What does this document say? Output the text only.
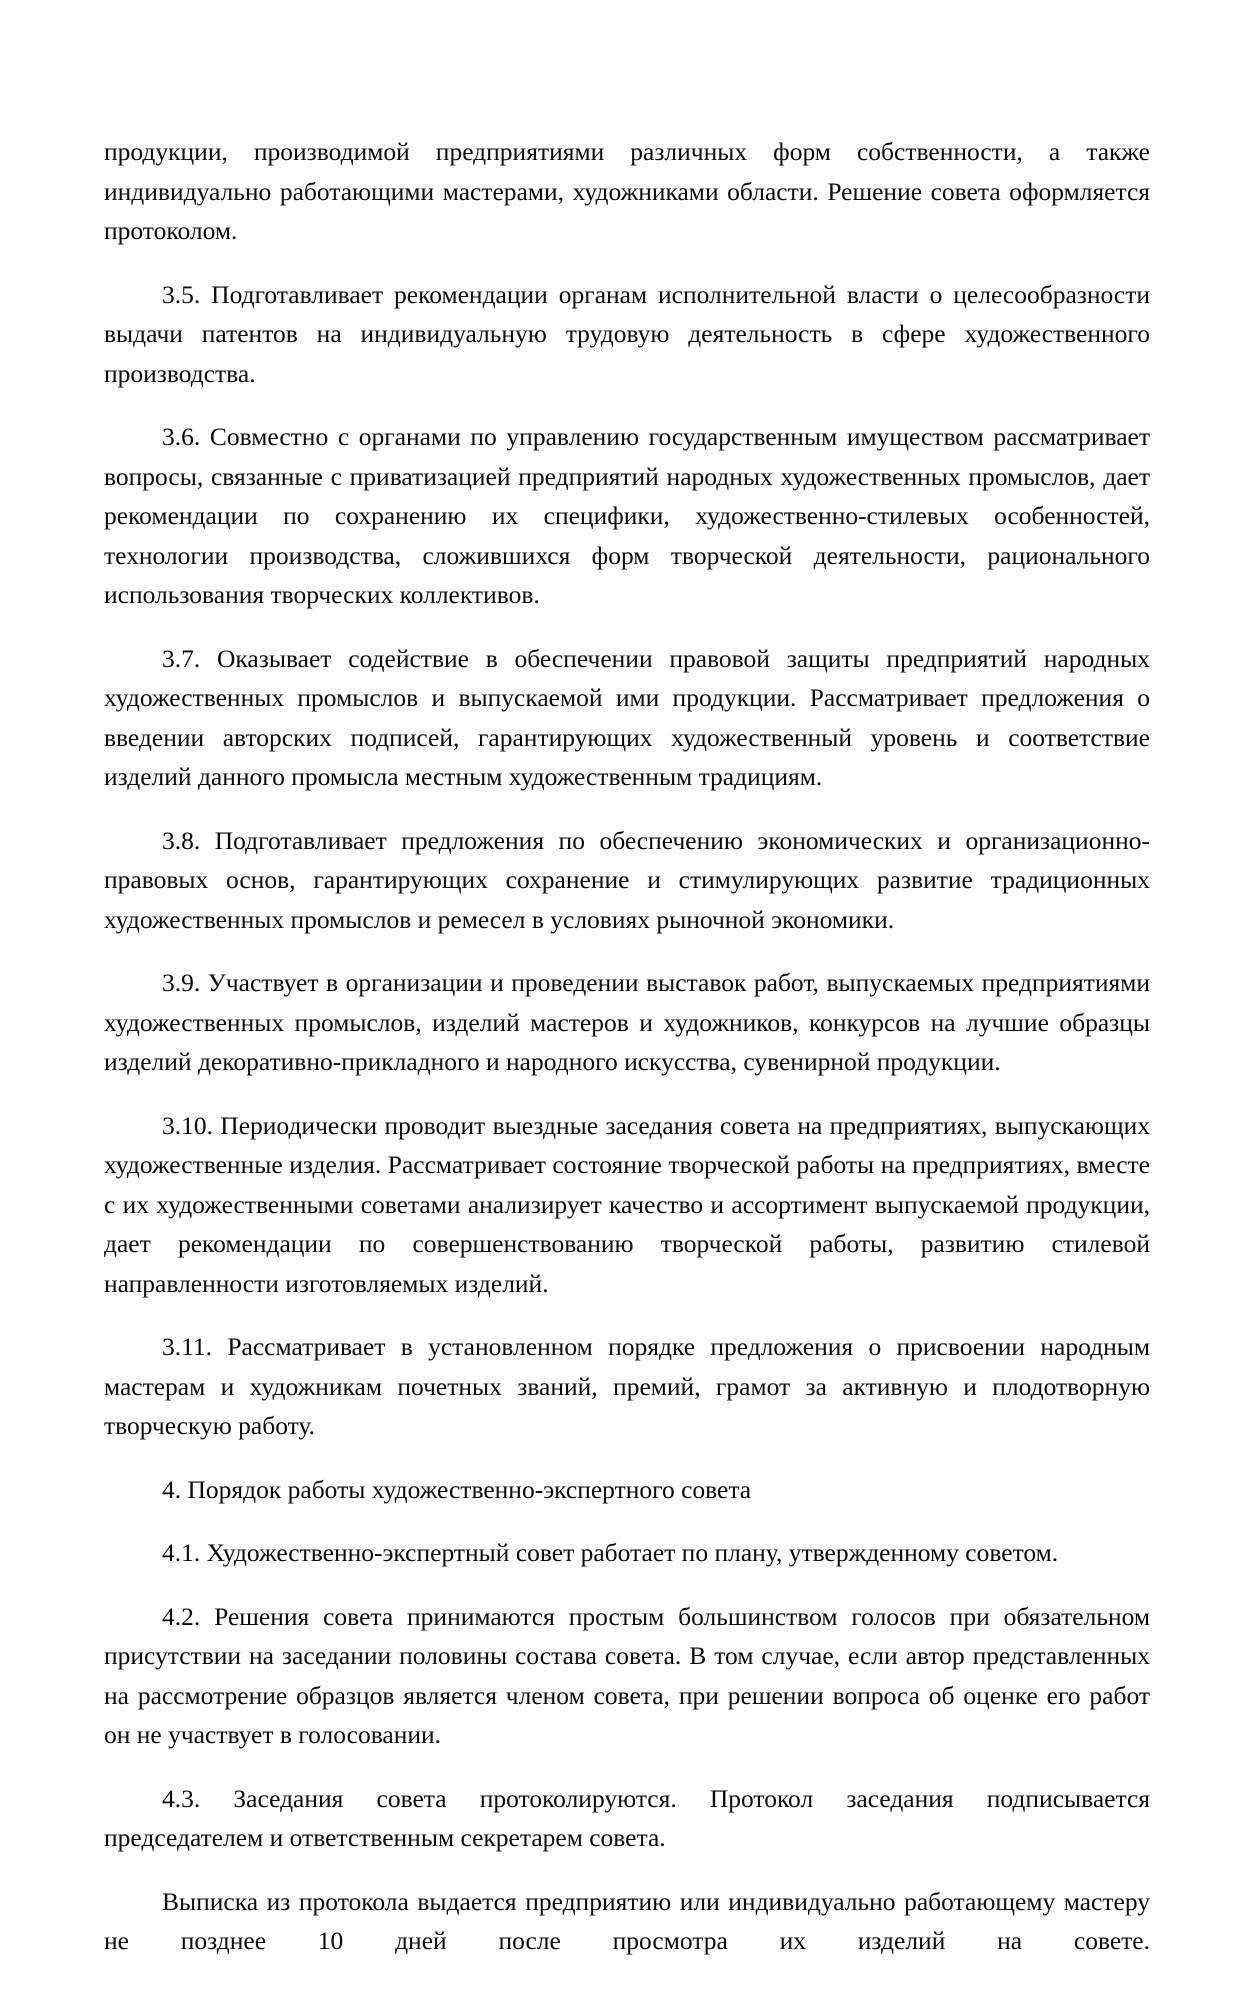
продукции, производимой предприятиями различных форм собственности, а также индивидуально работающими мастерами, художниками области. Решение совета оформляется протоколом.

3.5. Подготавливает рекомендации органам исполнительной власти о целесообразности выдачи патентов на индивидуальную трудовую деятельность в сфере художественного производства.

3.6. Совместно с органами по управлению государственным имуществом рассматривает вопросы, связанные с приватизацией предприятий народных художественных промыслов, дает рекомендации по сохранению их специфики, художественно-стилевых особенностей, технологии производства, сложившихся форм творческой деятельности, рационального использования творческих коллективов.

3.7. Оказывает содействие в обеспечении правовой защиты предприятий народных художественных промыслов и выпускаемой ими продукции. Рассматривает предложения о введении авторских подписей, гарантирующих художественный уровень и соответствие изделий данного промысла местным художественным традициям.

3.8. Подготавливает предложения по обеспечению экономических и организационно-правовых основ, гарантирующих сохранение и стимулирующих развитие традиционных художественных промыслов и ремесел в условиях рыночной экономики.

3.9. Участвует в организации и проведении выставок работ, выпускаемых предприятиями художественных промыслов, изделий мастеров и художников, конкурсов на лучшие образцы изделий декоративно-прикладного и народного искусства, сувенирной продукции.

3.10. Периодически проводит выездные заседания совета на предприятиях, выпускающих художественные изделия. Рассматривает состояние творческой работы на предприятиях, вместе с их художественными советами анализирует качество и ассортимент выпускаемой продукции, дает рекомендации по совершенствованию творческой работы, развитию стилевой направленности изготовляемых изделий.

3.11. Рассматривает в установленном порядке предложения о присвоении народным мастерам и художникам почетных званий, премий, грамот за активную и плодотворную творческую работу.

4. Порядок работы художественно-экспертного совета

4.1. Художественно-экспертный совет работает по плану, утвержденному советом.

4.2. Решения совета принимаются простым большинством голосов при обязательном присутствии на заседании половины состава совета. В том случае, если автор представленных на рассмотрение образцов является членом совета, при решении вопроса об оценке его работ он не участвует в голосовании.

4.3. Заседания совета протоколируются. Протокол заседания подписывается председателем и ответственным секретарем совета.

Выписка из протокола выдается предприятию или индивидуально работающему мастеру не позднее 10 дней после просмотра их изделий на совете.
